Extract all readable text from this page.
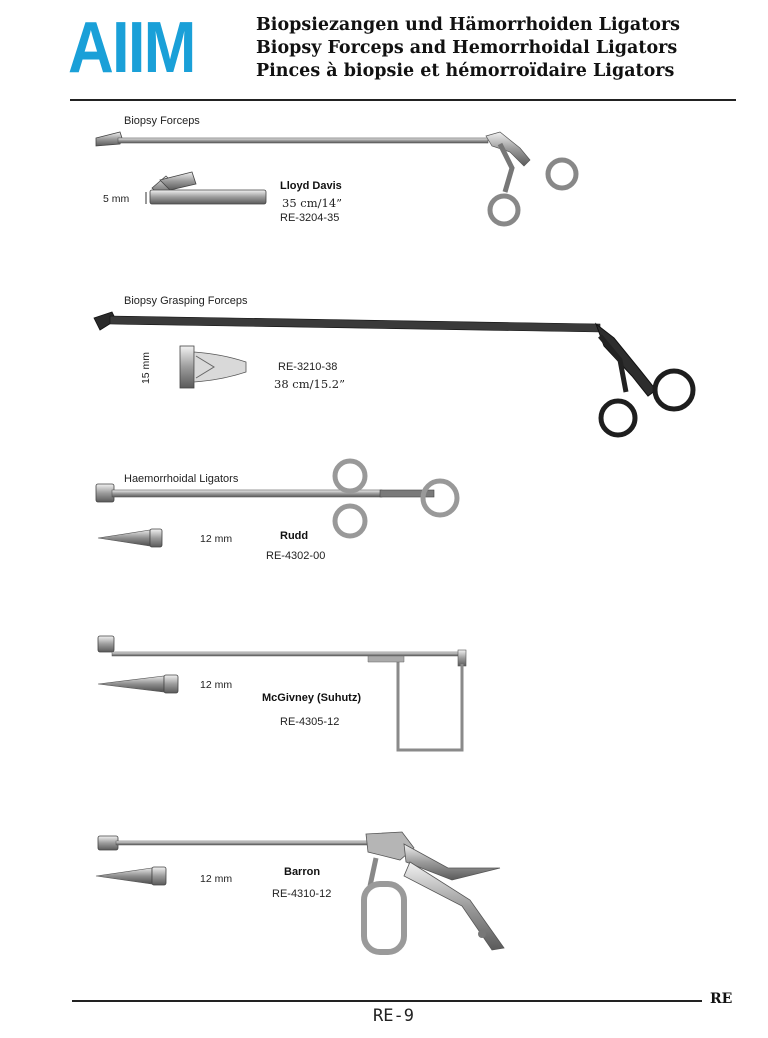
AIIM	Biopsiezangen und Hämorrhoiden Ligators
Biopsy Forceps and Hemorrhoidal Ligators
Pinces à biopsie et hémorroïdaire Ligators
Biopsy Forceps
5 mm
Lloyd Davis
35 cm/14”
RE-3204-35
Biopsy Grasping Forceps
15 mm	RE-3210-38
38 cm/15.2”
Haemorrhoidal Ligators
12 mm	Rudd
RE-4302-00
12 mm
McGivney (Suhutz)
RE-4305-12
12 mm
Barron
RE-4310-12
RE
RE-9
